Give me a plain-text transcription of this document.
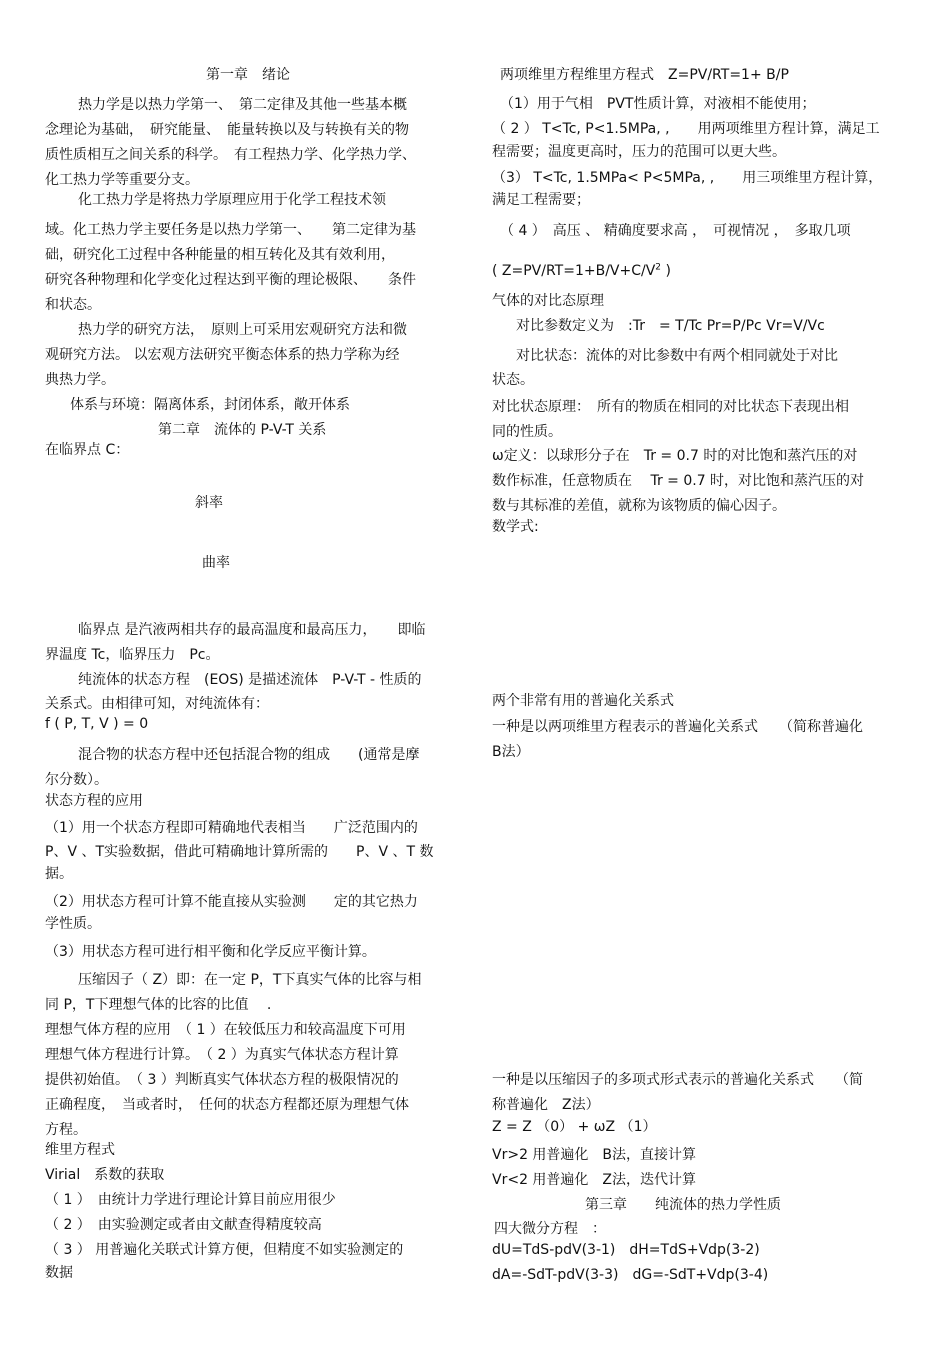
第一章　绪论
热力学是以热力学第一、　第二定律及其他一些基本概
念理论为基础，　研究能量、　能量转换以及与转换有关的物
质性质相互之间关系的科学。　有工程热力学、化学热力学、
化工热力学等重要分支。
化工热力学是将热力学原理应用于化学工程技术领
域。化工热力学主要任务是以热力学第一、　　第二定律为基
础，研究化工过程中各种能量的相互转化及其有效利用，
研究各种物理和化学变化过程达到平衡的理论极限、　　条件
和状态。
热力学的研究方法，　原则上可采用宏观研究方法和微
观研究方法。 以宏观方法研究平衡态体系的热力学称为经
典热力学。
体系与环境：隔离体系，封闭体系，敞开体系
第二章　流体的 P-V-T 关系
在临界点 C：
斜率
曲率
临界点 是汽液两相共存的最高温度和最高压力，　　即临
界温度 Tc，临界压力　Pc。
纯流体的状态方程　(EOS) 是描述流体　P-V-T - 性质的
关系式。由相律可知，对纯流体有：
f ( P, T, V ) = 0
混合物的状态方程中还包括混合物的组成　　(通常是摩
尔分数）。
状态方程的应用
（1）用一个状态方程即可精确地代表相当　　广泛范围内的
P、V 、T实验数据，借此可精确地计算所需的　　P、V 、T 数
据。
（2）用状态方程可计算不能直接从实验测　　定的其它热力
学性质。
（3）用状态方程可进行相平衡和化学反应平衡计算。
压缩因子（ Z）即：在一定 P，T下真实气体的比容与相
同 P，T下理想气体的比容的比值　 .
理想气体方程的应用　（ 1 ）在较低压力和较高温度下可用
理想气体方程进行计算。　（ 2 ）为真实气体状态方程计算
提供初始值。　（ 3 ）判断真实气体状态方程的极限情况的
正确程度，　当或者时，　任何的状态方程都还原为理想气体
方程。
维里方程式
Virial　系数的获取
（ 1 ）　由统计力学进行理论计算目前应用很少
（ 2 ）　由实验测定或者由文献查得精度较高
（ 3 ） 用普遍化关联式计算方便，但精度不如实验测定的
数据
两项维里方程维里方程式　Z=PV/RT=1+ B/P
（1）用于气相　PVT性质计算，对液相不能使用；
（ 2 ） T<Tc, P<1.5MPa, ,　　用两项维里方程计算，满足工
程需要；温度更高时，压力的范围可以更大些。
（3） T<Tc, 1.5MPa< P<5MPa, ,　　用三项维里方程计算，
满足工程需要；
（ 4 ）　高压 、 精确度要求高 ，　可视情况 ，　多取几项
( $Z=PV/RT=1+B/V+C/V^2$ )
气体的对比态原理
对比参数定义为　:Tr　= T/Tc Pr=P/Pc Vr=V/Vc
对比状态：流体的对比参数中有两个相同就处于对比
状态。
对比状态原理：　所有的物质在相同的对比状态下表现出相
同的性质。
ω定义：以球形分子在　Tr = 0.7 时的对比饱和蒸汽压的对
数作标准，任意物质在　 Tr = 0.7 时，对比饱和蒸汽压的对
数与其标准的差值，就称为该物质的偏心因子。
数学式:
两个非常有用的普遍化关系式
一种是以两项维里方程表示的普遍化关系式　　（简称普遍化
B法）
一种是以压缩因子的多项式形式表示的普遍化关系式　　（简
称普遍化　Z法）
Z = Z （0） + ωZ （1）
Vr>2 用普遍化　B法，直接计算
Vr<2 用普遍化　Z法，迭代计算
第三章　　纯流体的热力学性质
四大微分方程　：
dU=TdS-pdV(3-1)　dH=TdS+Vdp(3-2)
dA=-SdT-pdV(3-3)　dG=-SdT+Vdp(3-4)
